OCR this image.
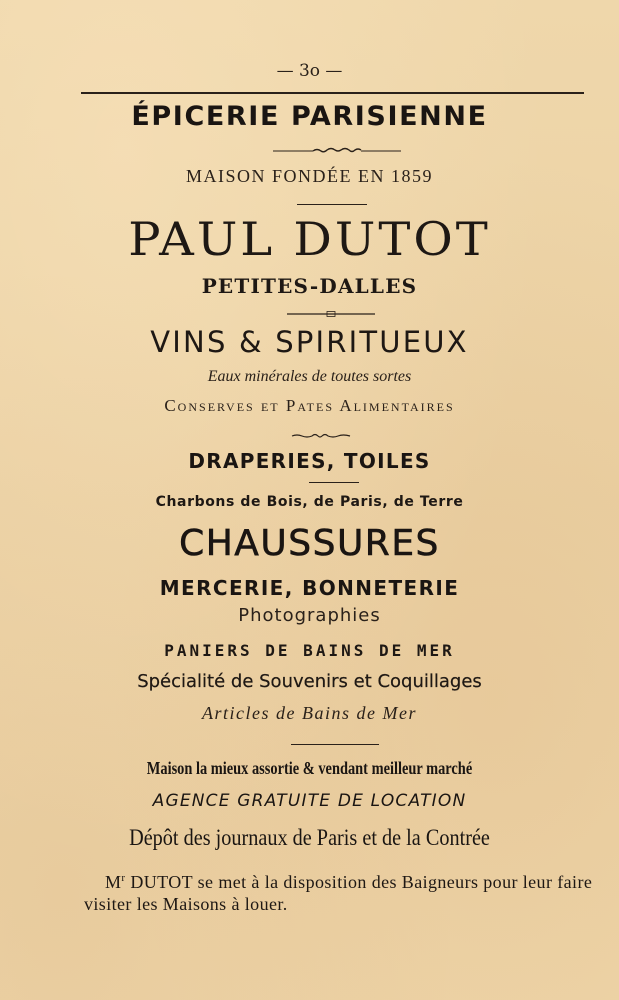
— 3o —
ÉPICERIE PARISIENNE
MAISON FONDÉE EN 1859
PAUL DUTOT
PETITES-DALLES
VINS & SPIRITUEUX
Eaux minérales de toutes sortes
Conserves et Pates Alimentaires
DRAPERIES, TOILES
Charbons de Bois, de Paris, de Terre
CHAUSSURES
MERCERIE, BONNETERIE
Photographies
PANIERS DE BAINS DE MER
Spécialité de Souvenirs et Coquillages
Articles de Bains de Mer
Maison la mieux assortie & vendant meilleur marché
AGENCE GRATUITE DE LOCATION
Dépôt des journaux de Paris et de la Contrée
$M^r$ DUTOT se met à la disposition des Baigneurs pour leur faire visiter les Maisons à louer.
